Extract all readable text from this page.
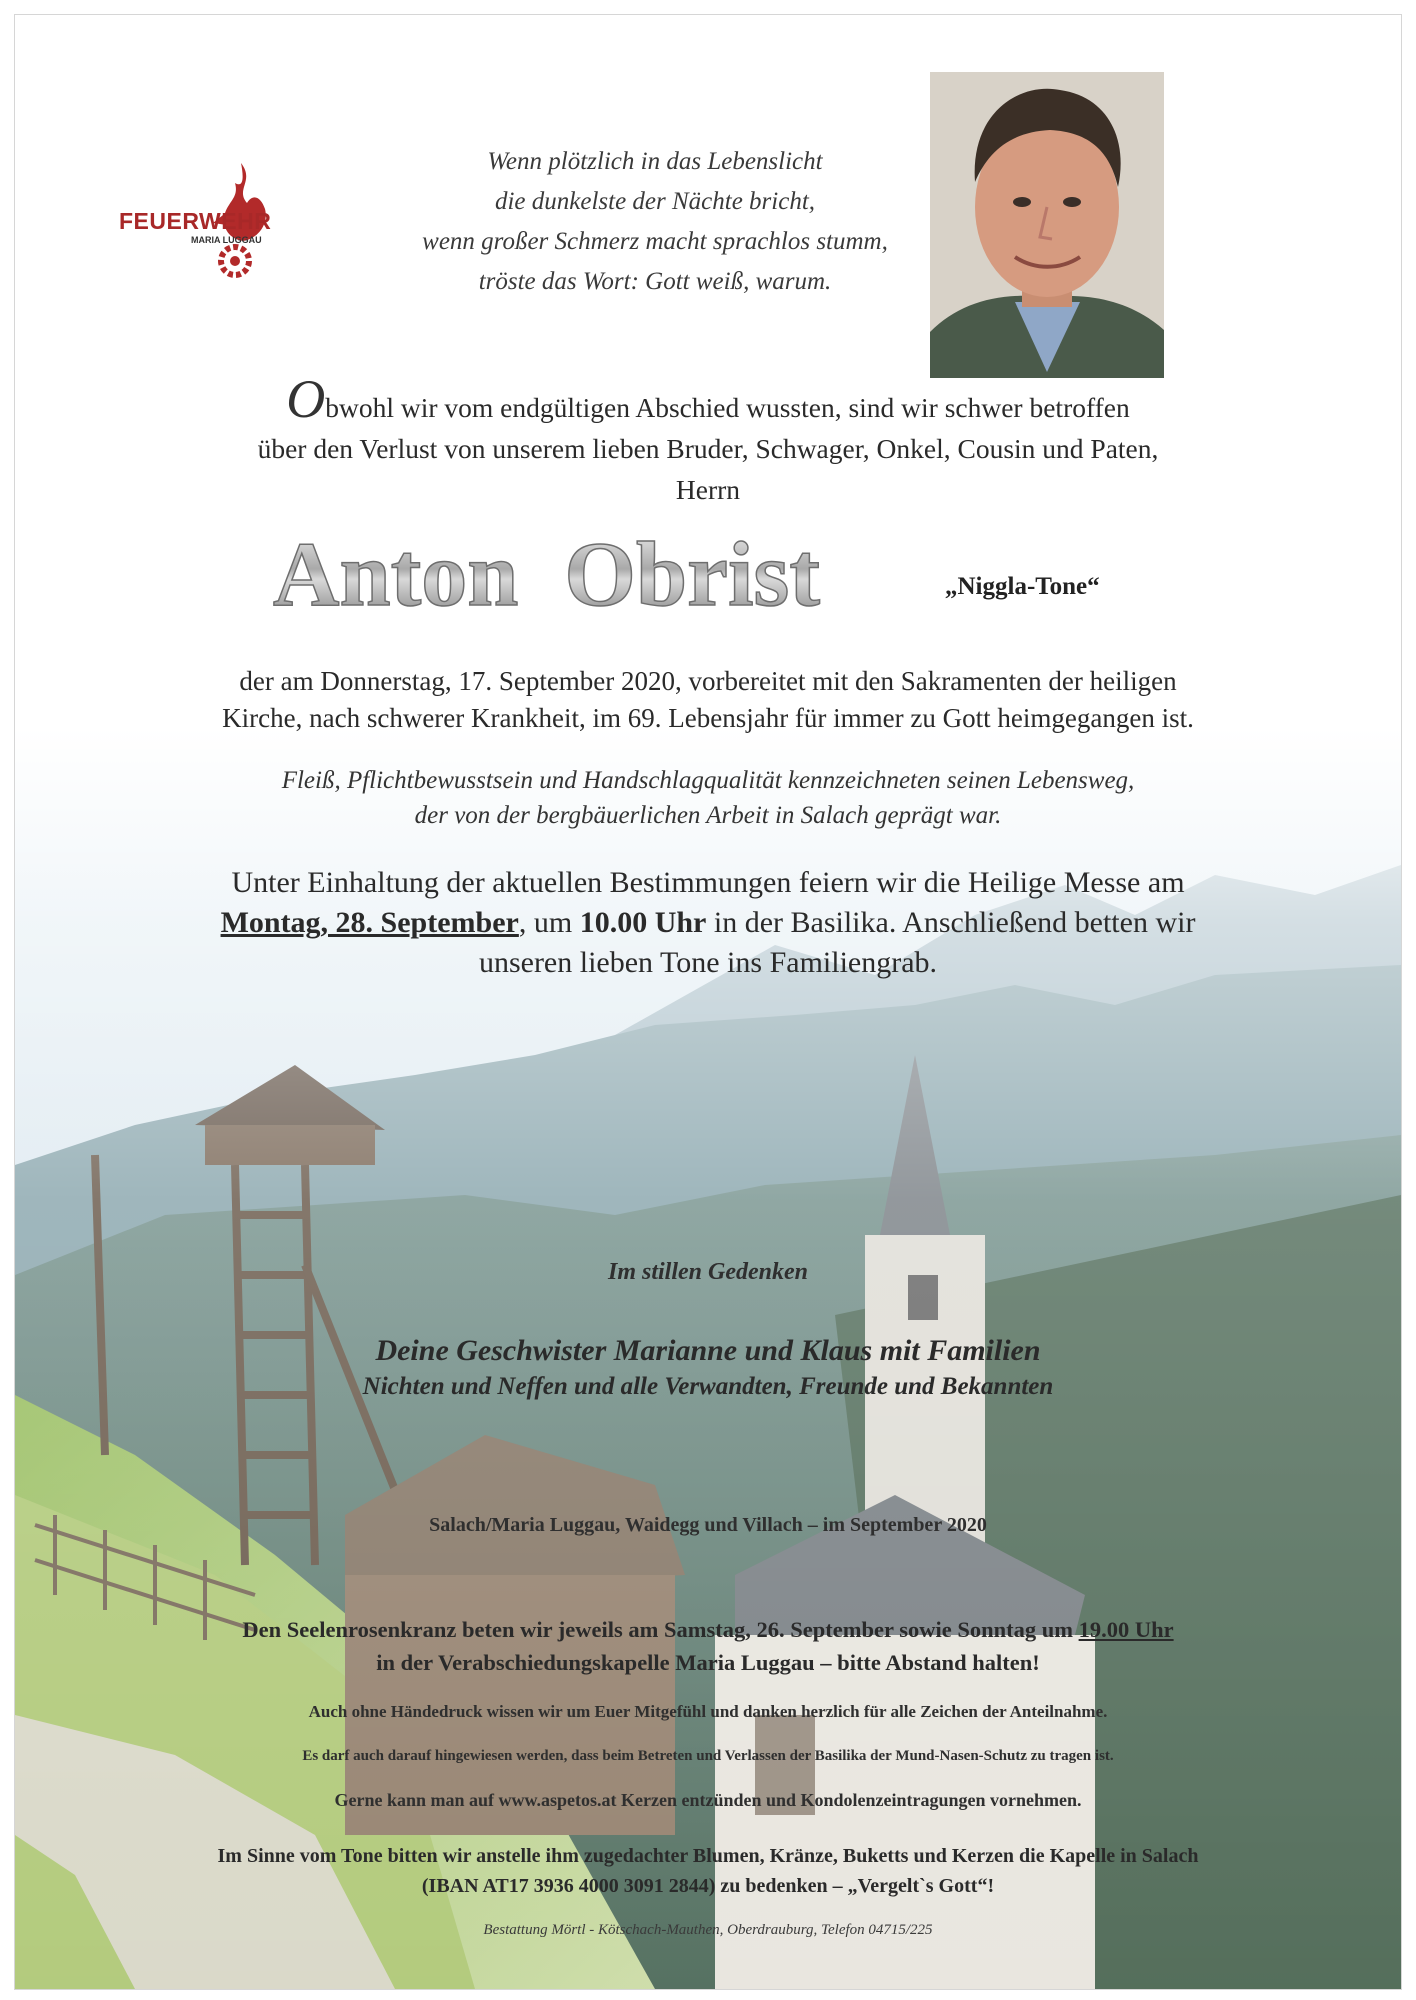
FEUERWEHR
MARIA LUGGAU
Wenn plötzlich in das Lebenslicht
die dunkelste der Nächte bricht,
wenn großer Schmerz macht sprachlos stumm,
tröste das Wort: Gott weiß, warum.
Obwohl wir vom endgültigen Abschied wussten, sind wir schwer betroffen
über den Verlust von unserem lieben Bruder, Schwager, Onkel, Cousin und Paten,
Herrn
Anton  Obrist	„Niggla-Tone“
der am Donnerstag, 17. September 2020, vorbereitet mit den Sakramenten der heiligen
Kirche, nach schwerer Krankheit, im 69. Lebensjahr für immer zu Gott heimgegangen ist.
Fleiß, Pflichtbewusstsein und Handschlagqualität kennzeichneten seinen Lebensweg,
der von der bergbäuerlichen Arbeit in Salach geprägt war.
Unter Einhaltung der aktuellen Bestimmungen feiern wir die Heilige Messe am
Montag, 28. September, um 10.00 Uhr in der Basilika. Anschließend betten wir
unseren lieben Tone ins Familiengrab.
Im stillen Gedenken
Deine Geschwister Marianne und Klaus mit Familien
Nichten und Neffen und alle Verwandten, Freunde und Bekannten
Salach/Maria Luggau, Waidegg und Villach – im September 2020
Den Seelenrosenkranz beten wir jeweils am Samstag, 26. September sowie Sonntag um 19.00 Uhr
in der Verabschiedungskapelle Maria Luggau – bitte Abstand halten!
Auch ohne Händedruck wissen wir um Euer Mitgefühl und danken herzlich für alle Zeichen der Anteilnahme.
Es darf auch darauf hingewiesen werden, dass beim Betreten und Verlassen der Basilika der Mund-Nasen-Schutz zu tragen ist.
Gerne kann man auf www.aspetos.at Kerzen entzünden und Kondolenzeintragungen vornehmen.
Im Sinne vom Tone bitten wir anstelle ihm zugedachter Blumen, Kränze, Buketts und Kerzen die Kapelle in Salach
(IBAN AT17 3936 4000 3091 2844) zu bedenken – „Vergelt`s Gott“!
Bestattung Mörtl - Kötschach-Mauthen, Oberdrauburg, Telefon 04715/225
